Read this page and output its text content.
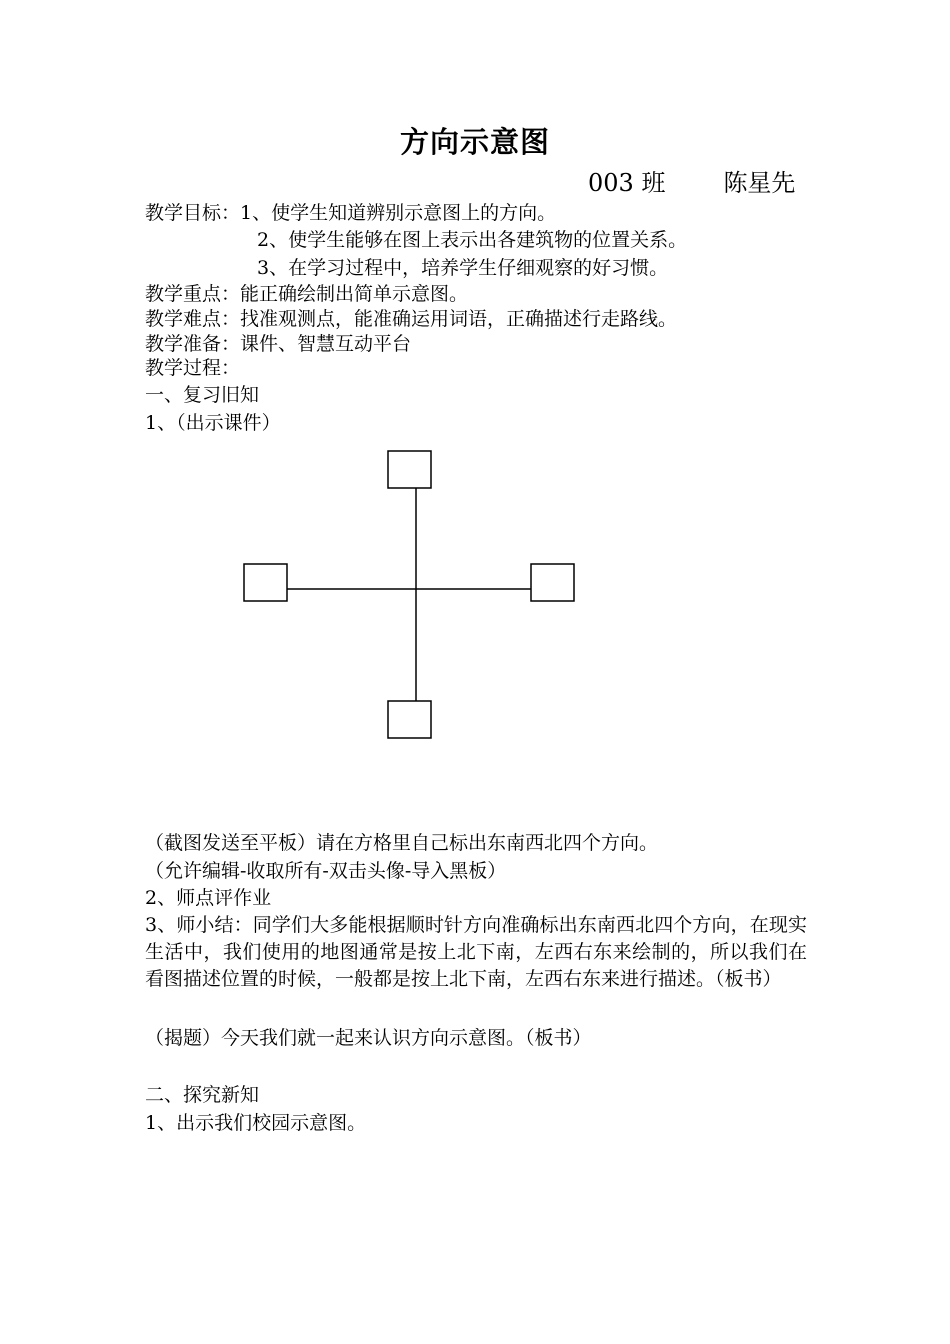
方向示意图
003 班 陈星先
教学目标：1、使学生知道辨别示意图上的方向。
2、使学生能够在图上表示出各建筑物的位置关系。
3、在学习过程中，培养学生仔细观察的好习惯。
教学重点：能正确绘制出简单示意图。
教学难点：找准观测点，能准确运用词语，正确描述行走路线。
教学准备：课件、智慧互动平台
教学过程：
一、复习旧知
1、（出示课件）
（截图发送至平板）请在方格里自己标出东南西北四个方向。
（允许编辑-收取所有-双击头像-导入黑板）
2、师点评作业
3、师小结：同学们大多能根据顺时针方向准确标出东南西北四个方向，在现实生活中，我们使用的地图通常是按上北下南，左西右东来绘制的，所以我们在看图描述位置的时候，一般都是按上北下南，左西右东来进行描述。（板书）
（揭题）今天我们就一起来认识方向示意图。（板书）
二、探究新知
1、出示我们校园示意图。
